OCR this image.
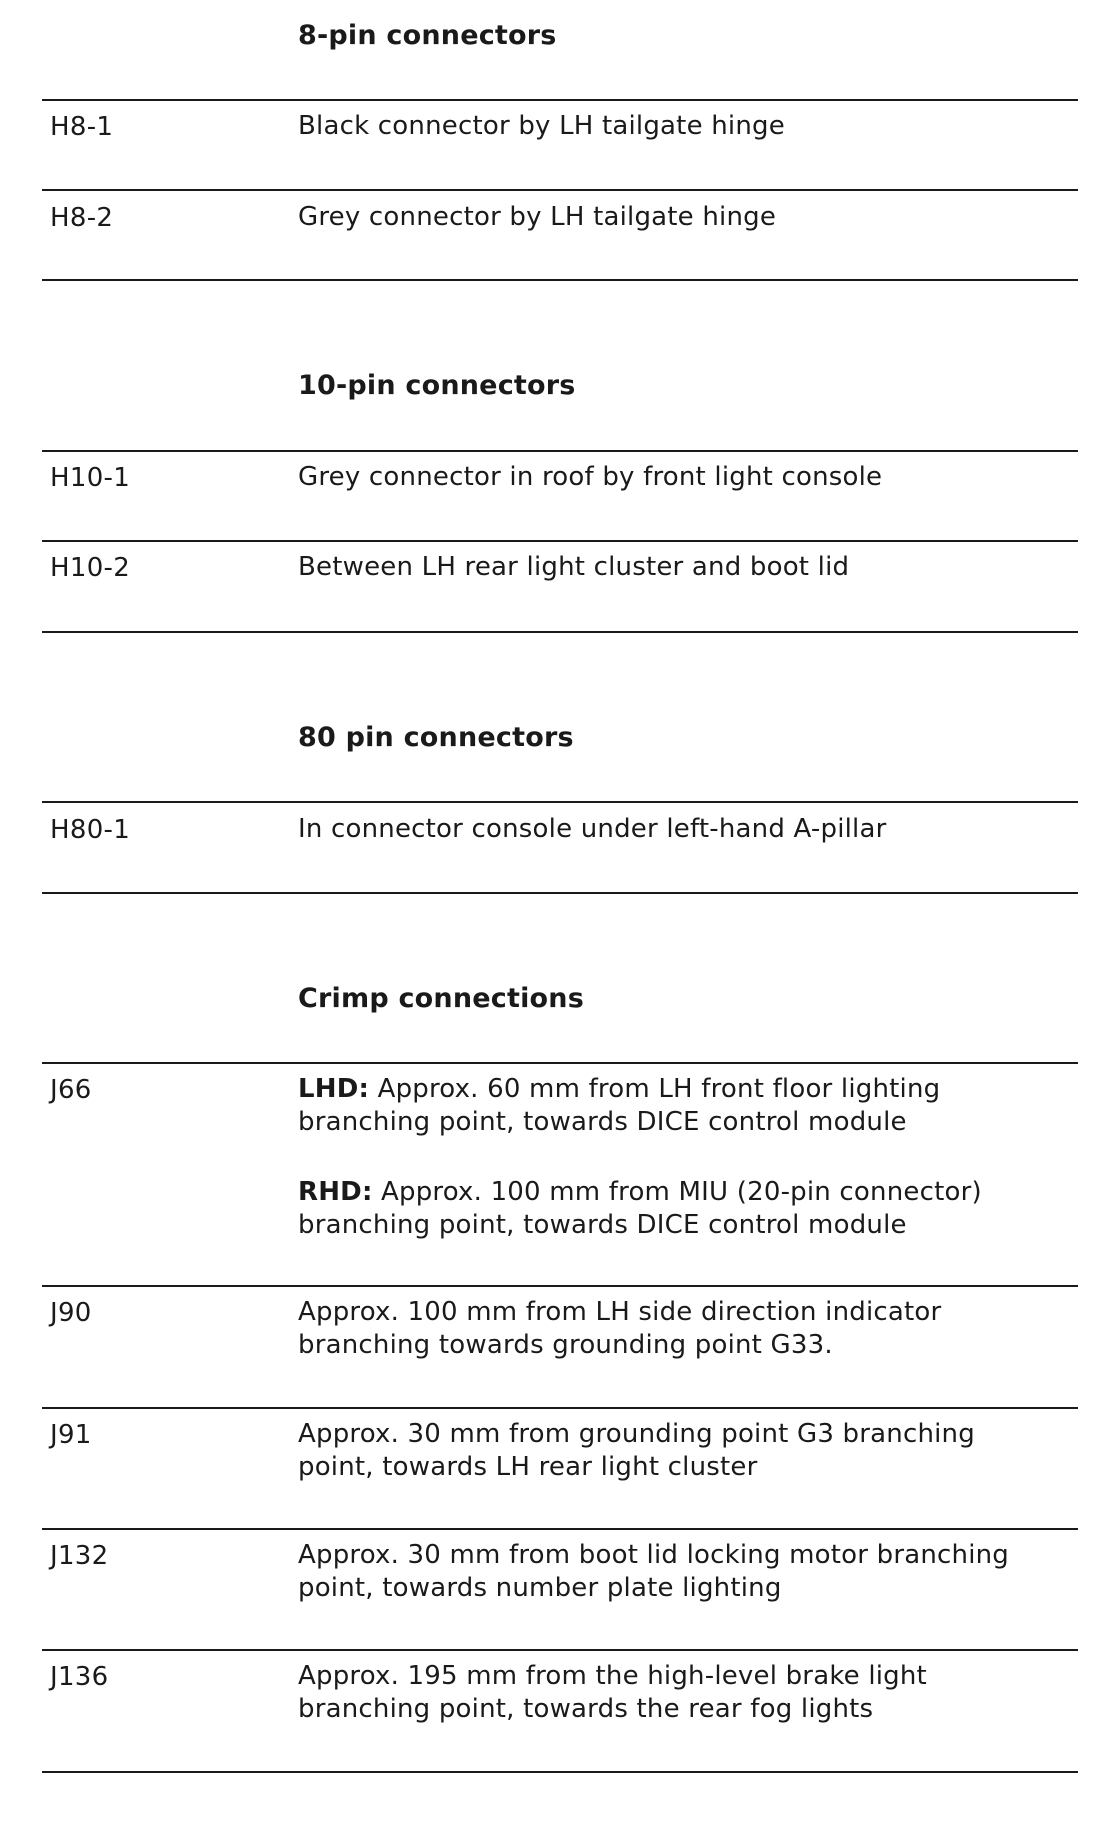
8-pin connectors
H8-1	Black connector by LH tailgate hinge
H8-2	Grey connector by LH tailgate hinge
10-pin connectors
H10-1	Grey connector in roof by front light console
H10-2	Between LH rear light cluster and boot lid
80 pin connectors
H80-1	In connector console under left-hand A-pillar
Crimp connections
J66	LHD: Approx. 60 mm from LH front floor lighting
branching point, towards DICE control module
RHD: Approx. 100 mm from MIU (20-pin connector)
branching point, towards DICE control module
J90	Approx. 100 mm from LH side direction indicator
branching towards grounding point G33.
J91	Approx. 30 mm from grounding point G3 branching
point, towards LH rear light cluster
J132	Approx. 30 mm from boot lid locking motor branching
point, towards number plate lighting
J136	Approx. 195 mm from the high-level brake light
branching point, towards the rear fog lights
